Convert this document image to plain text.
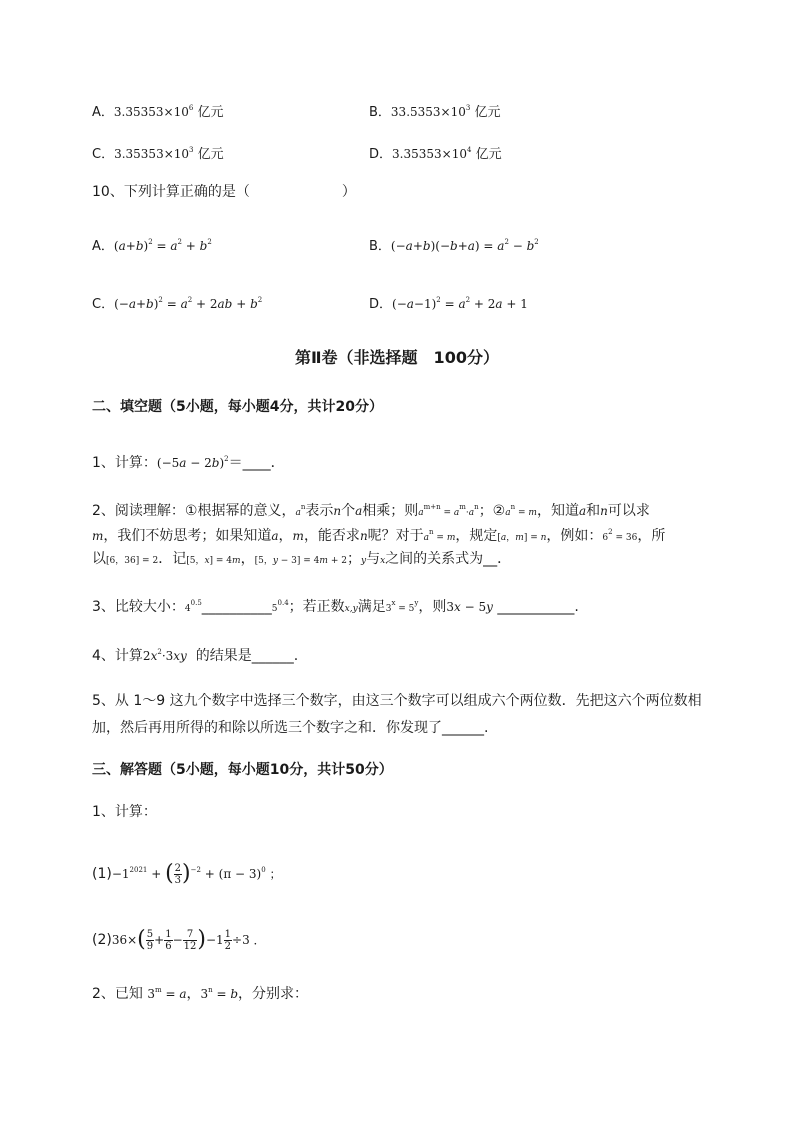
A．$3.35353\times 10^6$ 亿元	B．$33.5353\times 10^3$ 亿元
C．$3.35353\times 10^3$ 亿元	D．$3.35353\times 10^4$ 亿元
10、下列计算正确的是（	）
A．$(a+b)^2 = a^2 + b^2$	B．$(-a+b)(-b+a) = a^2 - b^2$
C．$(-a+b)^2 = a^2 + 2ab + b^2$	D．$(-a-1)^2 = a^2 + 2a + 1$
第Ⅱ卷（非选择题　100分）
二、填空题（5小题，每小题4分，共计20分）
1、计算：$(-5a - 2b)^2=\_\_\_\_$．
2、阅读理解：①根据幂的意义，$a^n$表示n个a相乘；则$a^{m+n} = a^m\cdot a^n$；$②a^n = m$，知道a和n可以求
m，我们不妨思考；如果知道a，m，能否求n呢？对于$a^n = m$，规定[a，m] = n，例如：$6^2 = 36$，所
以[6，36] = 2．记[5，x] = 4m，[5，y − 3] = 4m + 2；y与x之间的关系式为__．
3、比较大小：$4^{0.5}\_\_\_\_\_\_\_\_\_\_5^{0.4}$；若正数x,y满足$3^x = 5^y$，则3x − 5y ___________.
4、计算$2x^2\cdot 3xy$ 的结果是______.
5、从 1～9 这九个数字中选择三个数字，由这三个数字可以组成六个两位数．先把这六个两位数相
加，然后再用所得的和除以所选三个数字之和．你发现了______.
三、解答题（5小题，每小题10分，共计50分）
1、计算：
$(1)-1^{2021}$ + ( $\frac{2}{3} )^{-2} + (\pi - 3)^0$ ；
$(2)36\times( \frac{5}{9} + \frac{1}{6} - \frac{7}{12} )-1 \frac{1}{2} \div 3$ ．
2、已知 $3^m = a$，$3^n = b$，分别求：
